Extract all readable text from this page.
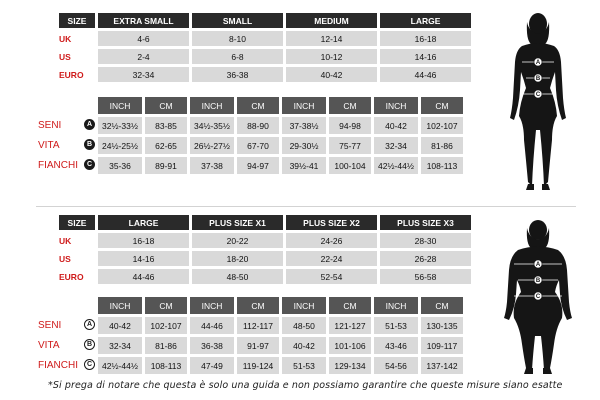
SIZE	EXTRA SMALL	SMALL	MEDIUM	LARGE
UK	4-6	8-10	12-14	16-18
US	2-4	6-8	10-12	14-16
EURO	32-34	36-38	40-42	44-46
	INCH	CM	INCH	CM	INCH	CM	INCH	CM
SENI A	32½-33½	83-85	34½-35½	88-90	37-38½	94-98	40-42	102-107
VITA B	24½-25½	62-65	26½-27½	67-70	29-30½	75-77	32-34	81-86
FIANCHI C	35-36	89-91	37-38	94-97	39½-41	100-104	42½-44½	108-113
A
B
C
SIZE	LARGE	PLUS SIZE X1	PLUS SIZE X2	PLUS SIZE X3
UK	16-18	20-22	24-26	28-30
US	14-16	18-20	22-24	26-28
EURO	44-46	48-50	52-54	56-58
	INCH	CM	INCH	CM	INCH	CM	INCH	CM
SENI A	40-42	102-107	44-46	112-117	48-50	121-127	51-53	130-135
VITA B	32-34	81-86	36-38	91-97	40-42	101-106	43-46	109-117
FIANCHI C	42½-44½	108-113	47-49	119-124	51-53	129-134	54-56	137-142
A
B
C
*Si prega di notare che questa è solo una guida e non possiamo garantire che queste misure siano esatte
